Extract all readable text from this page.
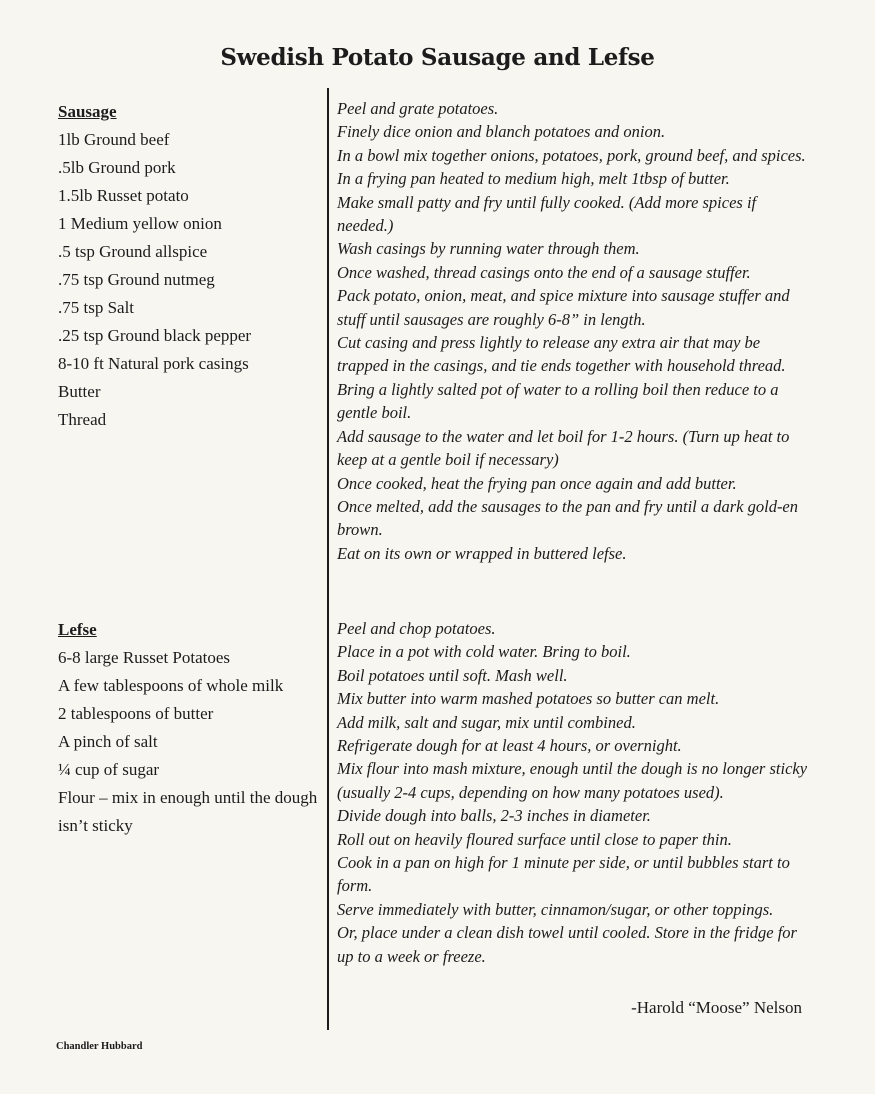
Swedish Potato Sausage and Lefse
Sausage
1lb Ground beef
.5lb Ground pork
1.5lb Russet potato
1 Medium yellow onion
.5 tsp Ground allspice
.75 tsp Ground nutmeg
.75 tsp Salt
.25 tsp Ground black pepper
8-10 ft Natural pork casings
Butter
Thread
Peel and grate potatoes.
Finely dice onion and blanch potatoes and onion.
In a bowl mix together onions, potatoes, pork, ground beef, and spices.
In a frying pan heated to medium high, melt 1tbsp of butter.
Make small patty and fry until fully cooked. (Add more spices if needed.)
Wash casings by running water through them.
Once washed, thread casings onto the end of a sausage stuffer.
Pack potato, onion, meat, and spice mixture into sausage stuffer and stuff until sausages are roughly 6-8” in length.
Cut casing and press lightly to release any extra air that may be trapped in the casings, and tie ends together with household thread.
Bring a lightly salted pot of water to a rolling boil then reduce to a gentle boil.
Add sausage to the water and let boil for 1-2 hours. (Turn up heat to keep at a gentle boil if necessary)
Once cooked, heat the frying pan once again and add butter.
Once melted, add the sausages to the pan and fry until a dark gold-en brown.
Eat on its own or wrapped in buttered lefse.
Lefse
6-8 large Russet Potatoes
A few tablespoons of whole milk
2 tablespoons of butter
A pinch of salt
¼ cup of sugar
Flour – mix in enough until the dough isn’t sticky
Peel and chop potatoes.
Place in a pot with cold water. Bring to boil.
Boil potatoes until soft. Mash well.
Mix butter into warm mashed potatoes so butter can melt.
Add milk, salt and sugar, mix until combined.
Refrigerate dough for at least 4 hours, or overnight.
Mix flour into mash mixture, enough until the dough is no longer sticky (usually 2-4 cups, depending on how many potatoes used).
Divide dough into balls, 2-3 inches in diameter.
Roll out on heavily floured surface until close to paper thin.
Cook in a pan on high for 1 minute per side, or until bubbles start to form.
Serve immediately with butter, cinnamon/sugar, or other toppings.
Or, place under a clean dish towel until cooled. Store in the fridge for up to a week or freeze.
-Harold “Moose” Nelson
Chandler Hubbard
